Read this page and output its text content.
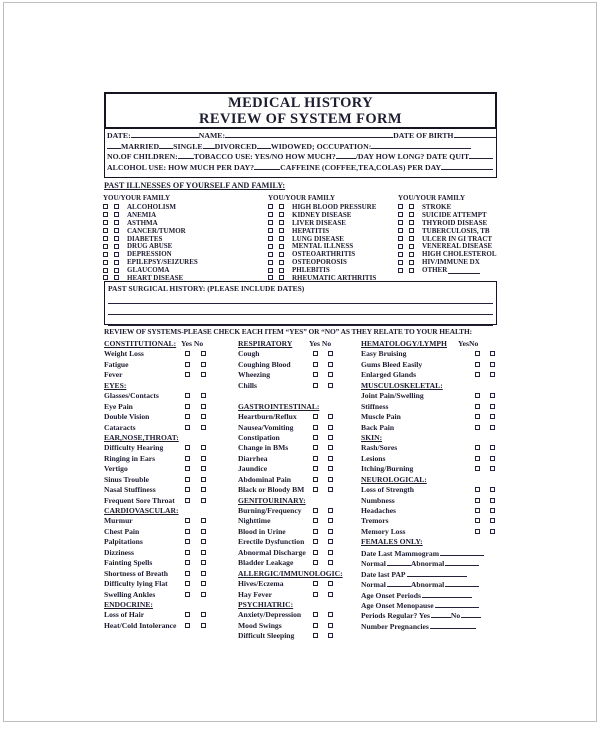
MEDICAL HISTORY
REVIEW OF SYSTEM FORM
DATE:	NAME:	DATE OF BIRTH
MARRIED SINGLE DIVORCED WIDOWED; OCCUPATION:
NO.OF CHILDREN: TOBACCO USE: YES/NO HOW MUCH?	/DAY HOW LONG? DATE QUIT
ALCOHOL USE: HOW MUCH PER DAY?	CAFFEINE (COFFEE,TEA,COLAS) PER DAY
PAST ILLNESSES OF YOURSELF AND FAMILY:
YOU/YOUR FAMILY
ALCOHOLISM
ANEMIA
ASTHMA
CANCER/TUMOR
DIABETES
DRUG ABUSE
DEPRESSION
EPILEPSY/SEIZURES
GLAUCOMA
HEART DISEASE
YOU/YOUR FAMILY
HIGH BLOOD PRESSURE
KIDNEY DISEASE
LIVER DISEASE
HEPATITIS
LUNG DISEASE
MENTAL ILLNESS
OSTEOARTHRITIS
OSTEOPOROSIS
PHLEBITIS
RHEUMATIC ARTHRITIS
YOU/YOUR FAMILY
STROKE
SUICIDE ATTEMPT
THYROID DISEASE
TUBERCULOSIS, TB
ULCER IN GI TRACT
VENEREAL DISEASE
HIGH CHOLESTEROL
HIV/IMMUNE DX
OTHER
PAST SURGICAL HISTORY: (PLEASE INCLUDE DATES)
REVIEW OF SYSTEMS-PLEASE CHECK EACH ITEM “YES” OR “NO” AS THEY RELATE TO YOUR HEALTH:
CONSTITUTIONAL: Yes No
Weight Loss
Fatigue
Fever
EYES:
Glasses/Contacts
Eye Pain
Double Vision
Cataracts
EAR,NOSE,THROAT:
Difficulty Hearing
Ringing in Ears
Vertigo
Sinus Trouble
Nasal Stuffiness
Frequent Sore Throat
CARDIOVASCULAR:
Murmur
Chest Pain
Palpitations
Dizziness
Fainting Spells
Shortness of Breath
Difficulty lying Flat
Swelling Ankles
ENDOCRINE:
Loss of Hair
Heat/Cold Intolerance
RESPIRATORY Yes No
Cough
Coughing Blood
Wheezing
Chills
GASTROINTESTINAL:
Heartburn/Reflux
Nausea/Vomiting
Constipation
Change in BMs
Diarrhea
Jaundice
Abdominal Pain
Black or Bloody BM
GENITOURINARY:
Burning/Frequency
Nighttime
Blood in Urine
Erectile Dysfunction
Abnormal Discharge
Bladder Leakage
ALLERGIC/IMMUNOLOGIC:
Hives/Eczema
Hay Fever
PSYCHIATRIC:
Anxiety/Depression
Mood Swings
Difficult Sleeping
HEMATOLOGY/LYMPH YesNo
Easy Bruising
Gums Bleed Easily
Enlarged Glands
MUSCULOSKELETAL:
Joint Pain/Swelling
Stiffness
Muscle Pain
Back Pain
SKIN:
Rash/Sores
Lesions
Itching/Burning
NEUROLOGICAL:
Loss of Strength
Numbness
Headaches
Tremors
Memory Loss
FEMALES ONLY:
Date Last Mammogram
Normal	Abnormal
Date last PAP
Normal	Abnormal
Age Onset Periods
Age Onset Menopause
Periods Regular? Yes	No
Number Pregnancies
